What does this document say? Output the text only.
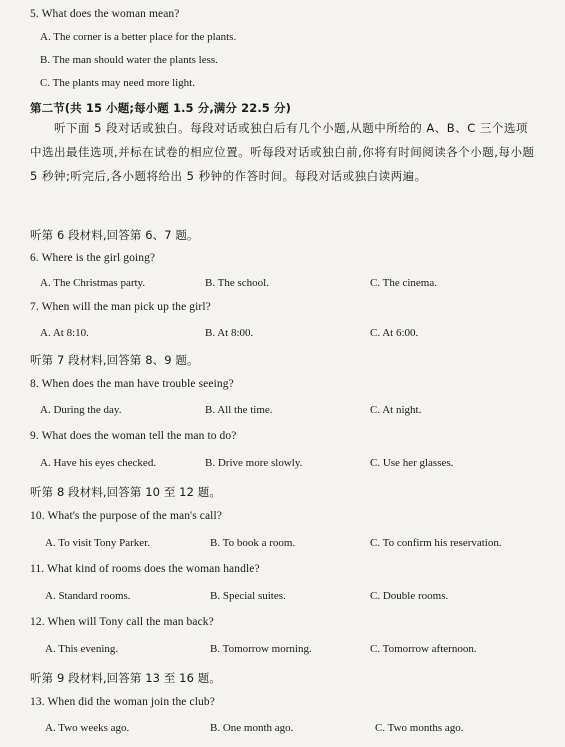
5. What does the woman mean?
A. The corner is a better place for the plants.
B. The man should water the plants less.
C. The plants may need more light.
第二节(共 15 小题;每小题 1.5 分,满分 22.5 分)
听下面 5 段对话或独白。每段对话或独白后有几个小题,从题中所给的 A、B、C 三个选项中选出最佳选项,并标在试卷的相应位置。听每段对话或独白前,你将有时间阅读各个小题,每小题 5 秒钟;听完后,各小题将给出 5 秒钟的作答时间。每段对话或独白读两遍。
听第 6 段材料,回答第 6、7 题。
6. Where is the girl going?
A. The Christmas party.	B. The school.	C. The cinema.
7. When will the man pick up the girl?
A. At 8:10.	B. At 8:00.	C. At 6:00.
听第 7 段材料,回答第 8、9 题。
8. When does the man have trouble seeing?
A. During the day.	B. All the time.	C. At night.
9. What does the woman tell the man to do?
A. Have his eyes checked.	B. Drive more slowly.	C. Use her glasses.
听第 8 段材料,回答第 10 至 12 题。
10. What's the purpose of the man's call?
A. To visit Tony Parker.	B. To book a room.	C. To confirm his reservation.
11. What kind of rooms does the woman handle?
A. Standard rooms.	B. Special suites.	C. Double rooms.
12. When will Tony call the man back?
A. This evening.	B. Tomorrow morning.	C. Tomorrow afternoon.
听第 9 段材料,回答第 13 至 16 题。
13. When did the woman join the club?
A. Two weeks ago.	B. One month ago.	C. Two months ago.
